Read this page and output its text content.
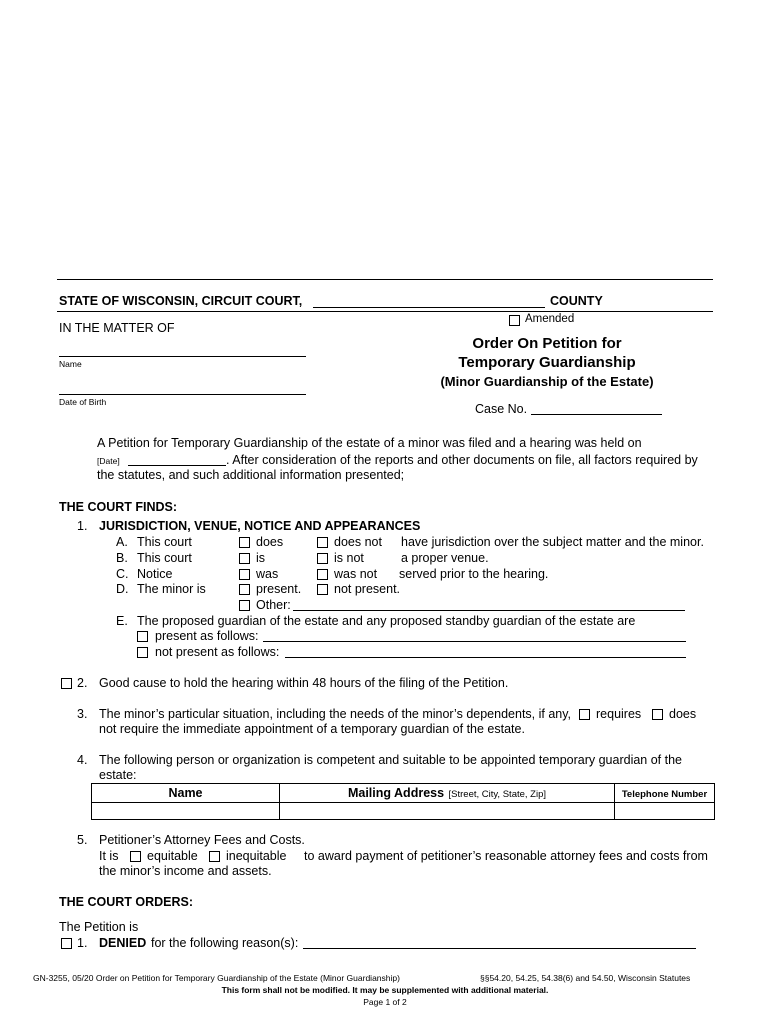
STATE OF WISCONSIN, CIRCUIT COURT,	COUNTY
IN THE MATTER OF
Name
Date of Birth
Amended
Order On Petition for
Temporary Guardianship
(Minor Guardianship of the Estate)
Case No.
A Petition for Temporary Guardianship of the estate of a minor was filed and a hearing was held on
[Date]	. After consideration of the reports and other documents on file, all factors required by
the statutes, and such additional information presented;
THE COURT FINDS:
1. JURISDICTION, VENUE, NOTICE AND APPEARANCES
A. This court	does	does not have jurisdiction over the subject matter and the minor.
B. This court	is	is not	a proper venue.
C. Notice	was	was not served prior to the hearing.
D. The minor is	present.	not present.
Other:
E. The proposed guardian of the estate and any proposed standby guardian of the estate are
present as follows:
not present as follows:
2. Good cause to hold the hearing within 48 hours of the filing of the Petition.
3. The minor’s particular situation, including the needs of the minor’s dependents, if any, requires does
not require the immediate appointment of a temporary guardian of the estate.
4. The following person or organization is competent and suitable to be appointed temporary guardian of the
estate:
Name	Mailing Address [Street, City, State, Zip]	Telephone Number

5. Petitioner’s Attorney Fees and Costs.
It is equitable inequitable to award payment of petitioner’s reasonable attorney fees and costs from
the minor’s income and assets.
THE COURT ORDERS:
The Petition is
1. DENIED for the following reason(s):
GN-3255, 05/20 Order on Petition for Temporary Guardianship of the Estate (Minor Guardianship)	§§54.20, 54.25, 54.38(6) and 54.50, Wisconsin Statutes
This form shall not be modified. It may be supplemented with additional material.
Page 1 of 2
